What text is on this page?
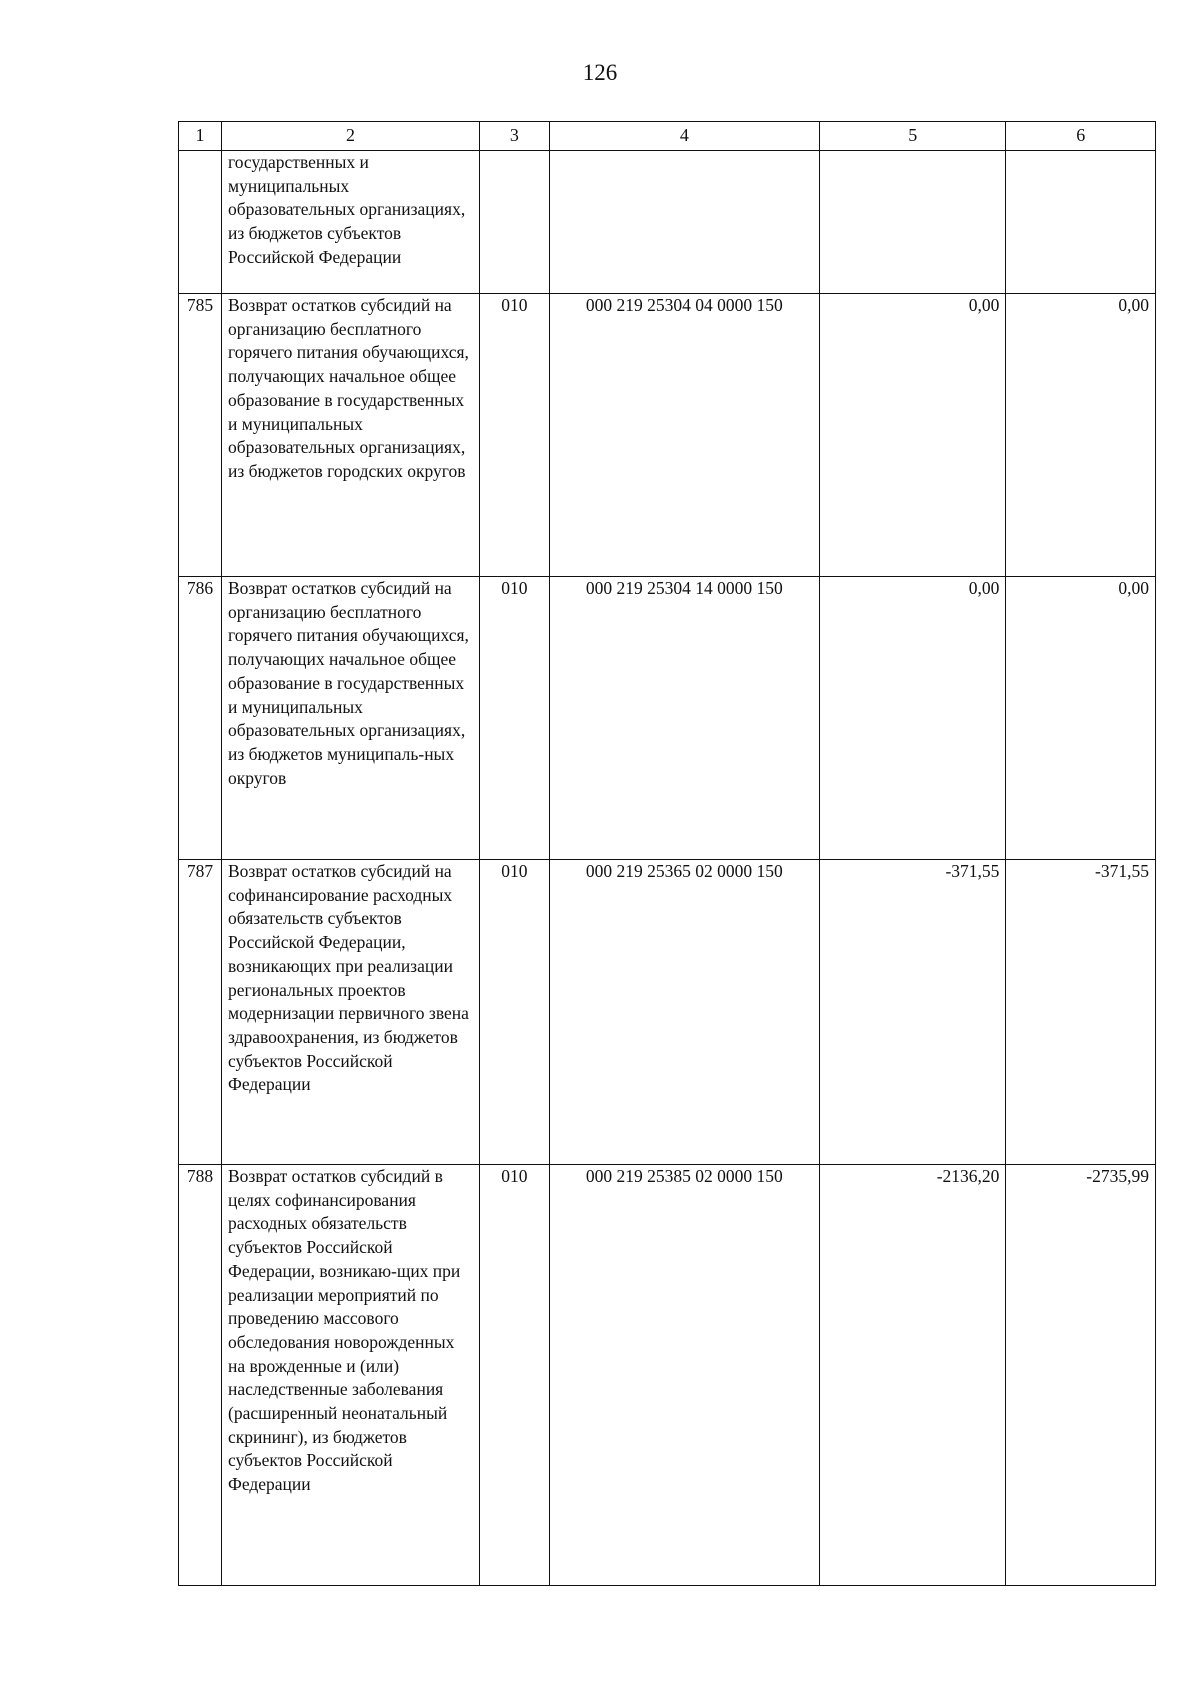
126
1	2	3	4	5	6
	государственных и муниципальных образовательных организациях, из бюджетов субъектов Российской Федерации				
785	Возврат остатков субсидий на организацию бесплатного горячего питания обучающихся, получающих начальное общее образование в государственных и муниципальных образовательных организациях, из бюджетов городских округов	010	000 219 25304 04 0000 150	0,00	0,00
786	Возврат остатков субсидий на организацию бесплатного горячего питания обучающихся, получающих начальное общее образование в государственных и муниципальных образовательных организациях, из бюджетов муниципаль-ных округов	010	000 219 25304 14 0000 150	0,00	0,00
787	Возврат остатков субсидий на софинансирование расходных обязательств субъектов Российской Федерации, возникающих при реализации региональных проектов модернизации первичного звена здравоохранения, из бюджетов субъектов Российской Федерации	010	000 219 25365 02 0000 150	-371,55	-371,55
788	Возврат остатков субсидий в целях софинансирования расходных обязательств субъектов Российской Федерации, возникаю-щих при реализации мероприятий по проведению массового обследования новорожденных на врожденные и (или) наследственные заболевания (расширенный неонатальный скрининг), из бюджетов субъектов Российской Федерации	010	000 219 25385 02 0000 150	-2136,20	-2735,99
